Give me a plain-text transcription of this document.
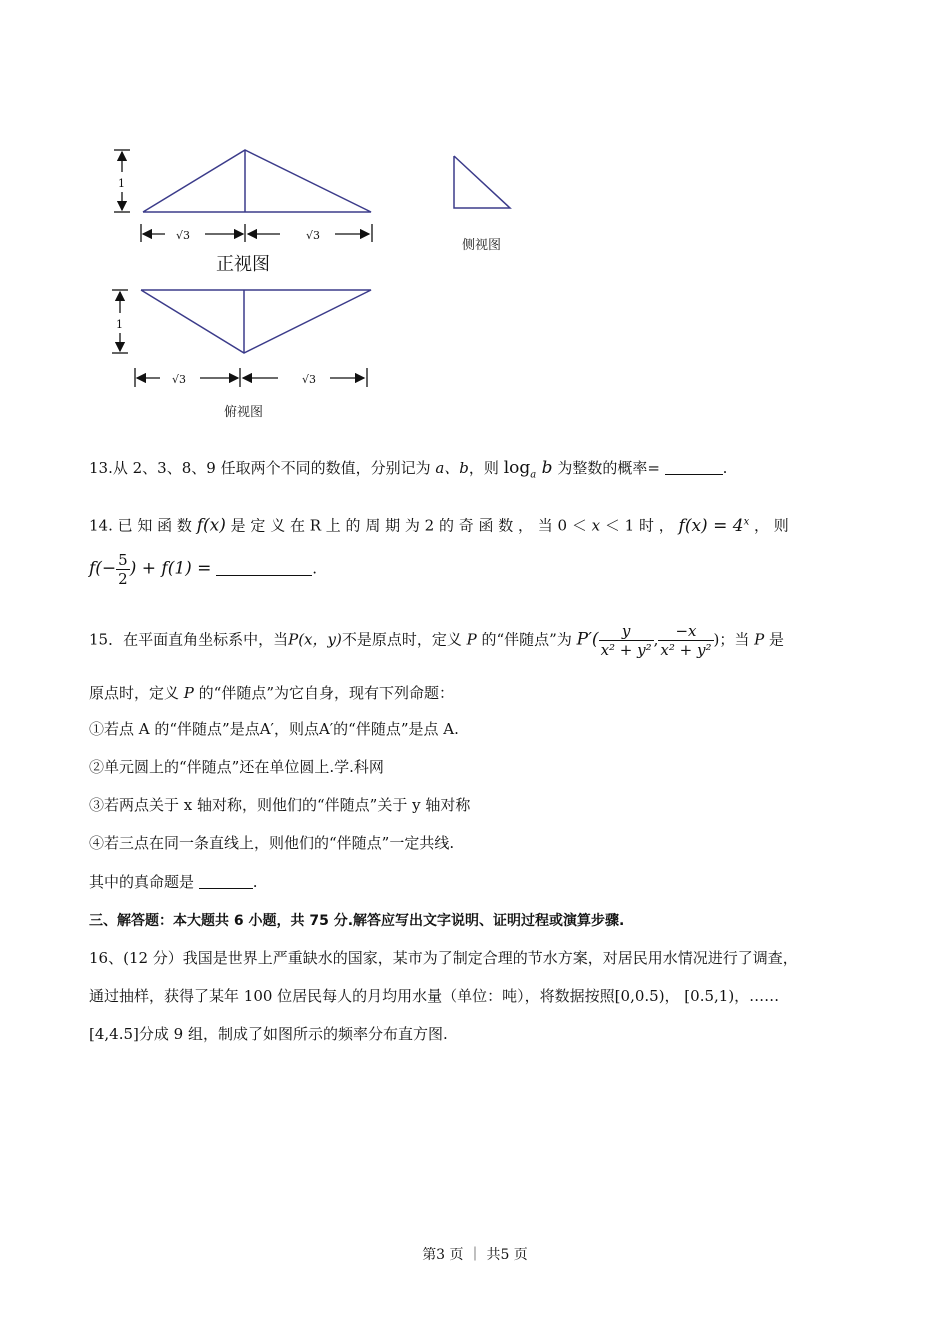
1
√3	√3
1
√3	√3
正视图
侧视图
俯视图
13.从 2、3、8、9 任取两个不同的数值，分别记为 a、b，则 $\log_a b$ 为整数的概率=	.
14. 已 知 函 数 f(x) 是 定 义 在 R 上 的 周 期 为 2 的 奇 函 数 ， 当 0 ＜ x ＜ 1 时 ， $f(x) = 4^x$ ， 则
$f(- \frac{5}{2}$ ) + f(1) =	.
15．在平面直角坐标系中，当P(x，y)不是原点时，定义 P 的“伴随点”为 $P'( \frac{y}{\text{x² + y²}}$ , $\frac{-x}{\text{x² + y²}}$ )；当 P 是
原点时，定义 P 的“伴随点”为它自身，现有下列命题：
①若点 A 的“伴随点”是点A′，则点A′的“伴随点”是点 A.
②单元圆上的“伴随点”还在单位圆上.学.科网
③若两点关于 x 轴对称，则他们的“伴随点”关于 y 轴对称
④若三点在同一条直线上，则他们的“伴随点”一定共线.
其中的真命题是	.
三、解答题：本大题共 6 小题，共 75 分.解答应写出文字说明、证明过程或演算步骤.
16、(12 分）我国是世界上严重缺水的国家，某市为了制定合理的节水方案，对居民用水情况进行了调查，
通过抽样，获得了某年 100 位居民每人的月均用水量（单位：吨），将数据按照[0,0.5)， [0.5,1)，……
[4,4.5]分成 9 组，制成了如图所示的频率分布直方图.
第3 页 ｜ 共5 页
